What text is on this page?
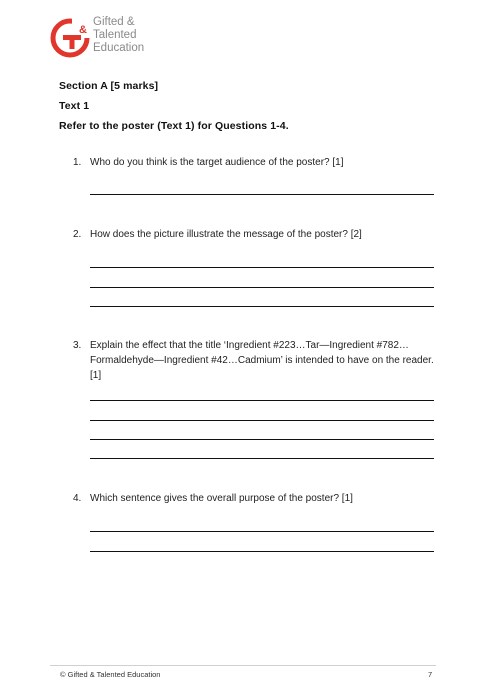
&
Gifted &
Talented
Education
Section A [5 marks]
Text 1
Refer to the poster (Text 1) for Questions 1-4.
1. Who do you think is the target audience of the poster? [1]
2. How does the picture illustrate the message of the poster? [2]
3. Explain the effect that the title ‘Ingredient #223…Tar—Ingredient #782…Formaldehyde—Ingredient #42…Cadmium’ is intended to have on the reader. [1]
4. Which sentence gives the overall purpose of the poster? [1]
© Gifted & Talented Education	7
